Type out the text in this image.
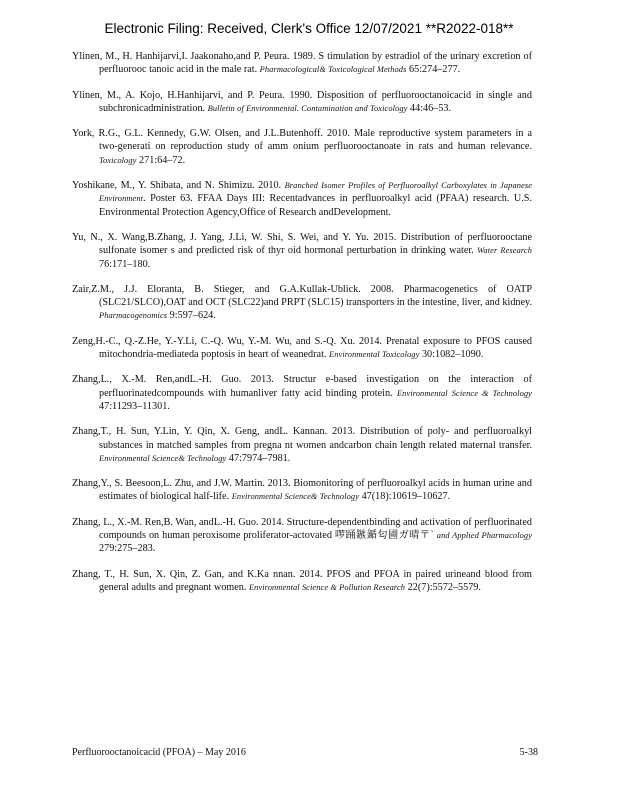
Electronic Filing: Received, Clerk's Office 12/07/2021 **R2022-018**

Ylinen, M., H. Hanhijarvi,I. Jaakonaho,and P. Peura. 1989. S timulation by estradiol of the urinary excretion of perfluorooc tanoic acid in the male rat. Pharmacological& Toxicological Methods 65:274–277.

Ylinen, M., A. Kojo, H.Hanhijarvi, and P. Peura. 1990. Disposition of perfluorooctanoicacid in single and subchronicadministration. Bulletin of Environmental. Contamination and Toxicology 44:46–53.

York, R.G., G.L. Kennedy, G.W. Olsen, and J.L.Butenhoff. 2010. Male reproductive system parameters in a two-generati on reproduction study of amm onium perfluorooctanoate in rats and human relevance. Toxicology 271:64–72.

Yoshikane, M., Y. Shibata, and N. Shimizu. 2010. Branched Isomer Profiles of Perfluoroalkyl Carboxylates in Japanese Environment. Poster 63. FFAA Days III: Recentadvances in perfluoroalkyl acid (PFAA) research. U.S. Environmental Protection Agency,Office of Research andDevelopment.

Yu, N., X. Wang,B.Zhang, J. Yang, J.Li, W. Shi, S. Wei, and Y. Yu. 2015. Distribution of perfluorooctane sulfonate isomer s and predicted risk of thyr oid hormonal perturbation in drinking water. Water Research 76:171–180.

Zair,Z.M., J.J. Eloranta, B. Stieger, and G.A.Kullak-Ublick. 2008. Pharmacogenetics of OATP (SLC21/SLCO),OAT and OCT (SLC22)and PRPT (SLC15) transporters in the intestine, liver, and kidney. Pharmacogenomics 9:597–624.

Zeng,H.-C., Q.-Z.He, Y.-Y.Li, C.-Q. Wu, Y.-M. Wu, and S.-Q. Xu. 2014. Prenatal exposure to PFOS caused mitochondria-mediateda poptosis in heart of weanedrat. Environmental Toxicology 30:1082–1090.

Zhang,L., X.-M. Ren,andL.-H. Guo. 2013. Structur e-based investigation on the interaction of perfluorinatedcompounds with humanliver fatty acid binding protein. Environmental Science & Technology 47:11293–11301.

Zhang,T., H. Sun, Y.Lin, Y. Qin, X. Geng, andL. Kannan. 2013. Distribution of poly- and perfluoroalkyl substances in matched samples from pregna nt women andcarbon chain length related maternal transfer. Environmental Science& Technology 47:7974–7981.

Zhang,Y., S. Beesoon,L. Zhu, and J.W. Martin. 2013. Biomonitoring of perfluoroalkyl acids in human urine and estimates of biological half-life. Environmental Science& Technology 47(18):10619–10627.

Zhang, L., X.-M. Ren,B. Wan, andL.-H. Guo. 2014. Structure-dependentbinding and activation of perfluorinated compounds on human peroxisome proliferator-actovated 啰踊鏃鍎匂圃ガ晴〒` and Applied Pharmacology 279:275–283.

Zhang, T., H. Sun, X. Qin, Z. Gan, and K.Ka nnan. 2014. PFOS and PFOA in paired urineand blood from general adults and pregnant women. Environmental Science & Pollution Research 22(7):5572–5579.

Perfluorooctanoicacid (PFOA) – May 2016	5-38
